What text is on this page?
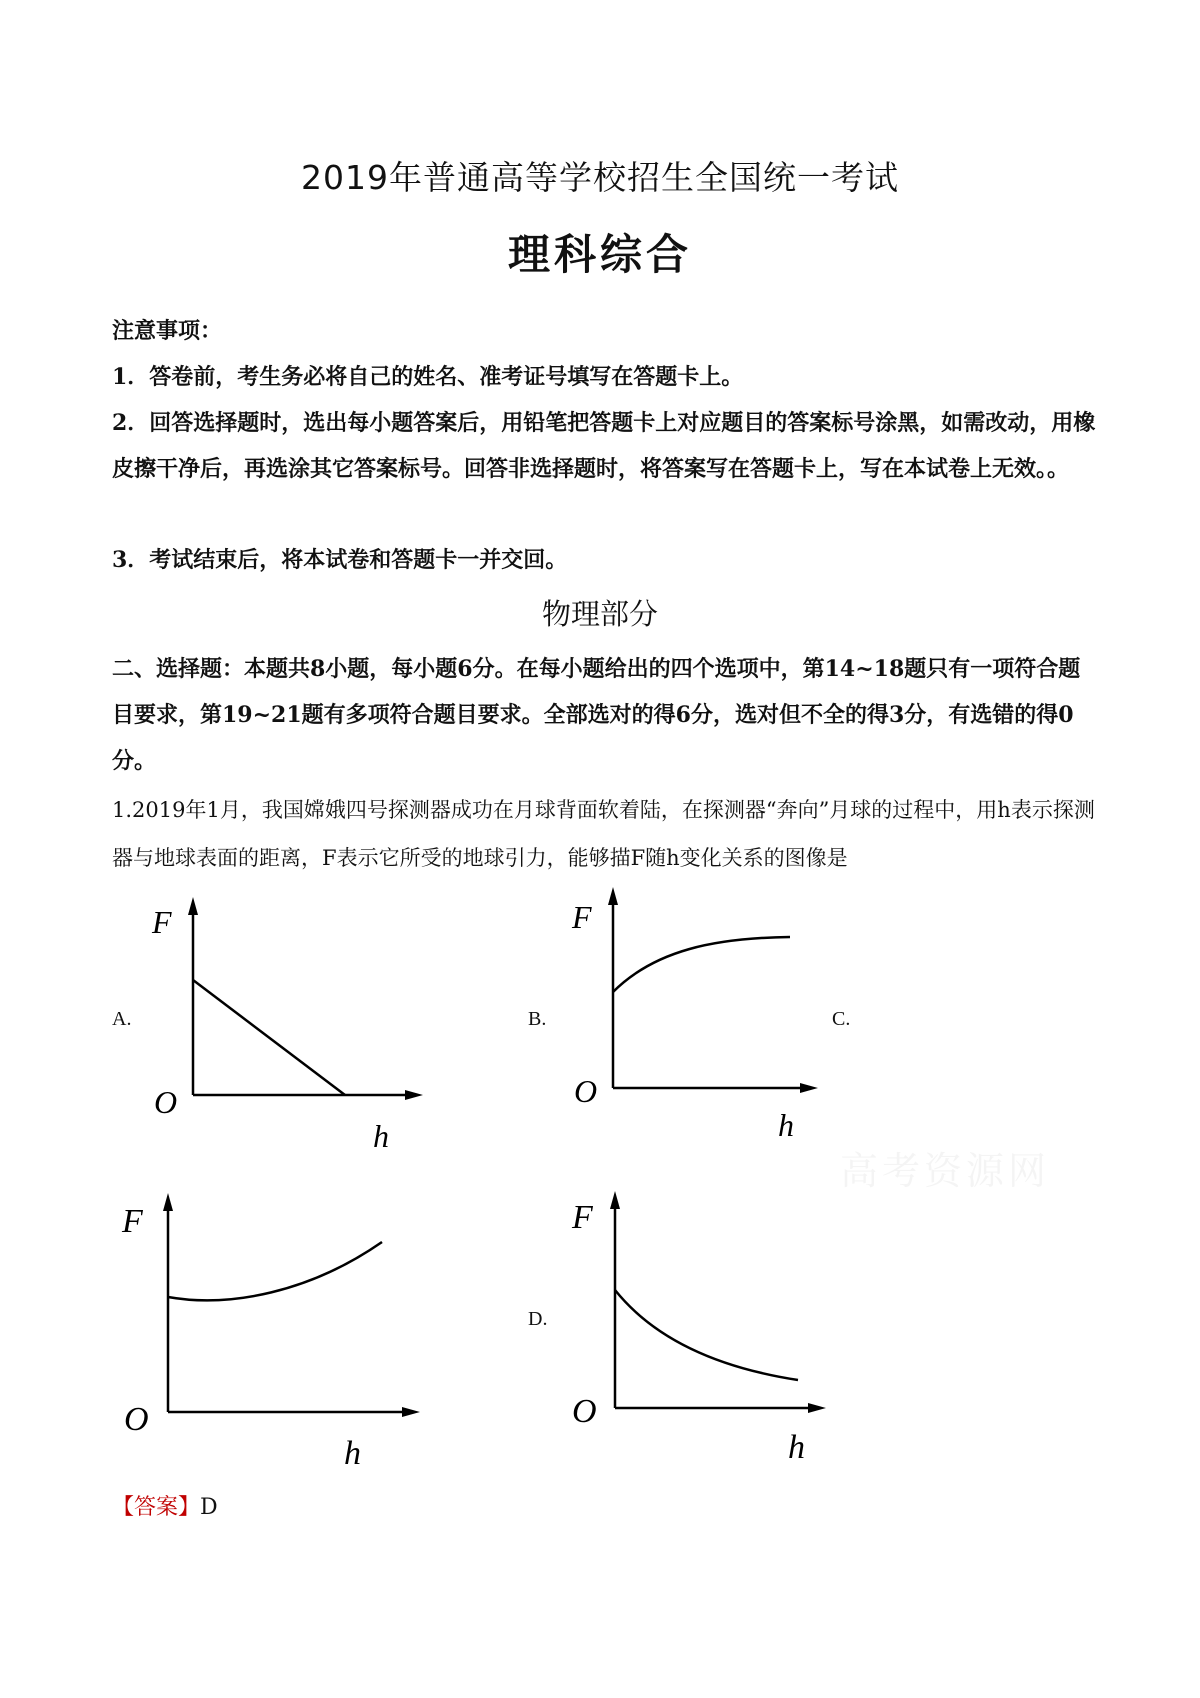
2019年普通高等学校招生全国统一考试
理科综合
注意事项：
1．答卷前，考生务必将自己的姓名、准考证号填写在答题卡上。
2．回答选择题时，选出每小题答案后，用铅笔把答题卡上对应题目的答案标号涂黑，如需改动，用橡皮擦干净后，再选涂其它答案标号。回答非选择题时，将答案写在答题卡上，写在本试卷上无效。。
3．考试结束后，将本试卷和答题卡一并交回。
物理部分
二、选择题：本题共8小题，每小题6分。在每小题给出的四个选项中，第14~18题只有一项符合题目要求，第19~21题有多项符合题目要求。全部选对的得6分，选对但不全的得3分，有选错的得0分。
1.2019年1月，我国嫦娥四号探测器成功在月球背面软着陆，在探测器“奔向”月球的过程中，用h表示探测器与地球表面的距离，F表示它所受的地球引力，能够描F随h变化关系的图像是
A.	B.	C.
D.
F
O
h
F
O
h
F
O
h
F
O
h
【答案】D
高考资源网
